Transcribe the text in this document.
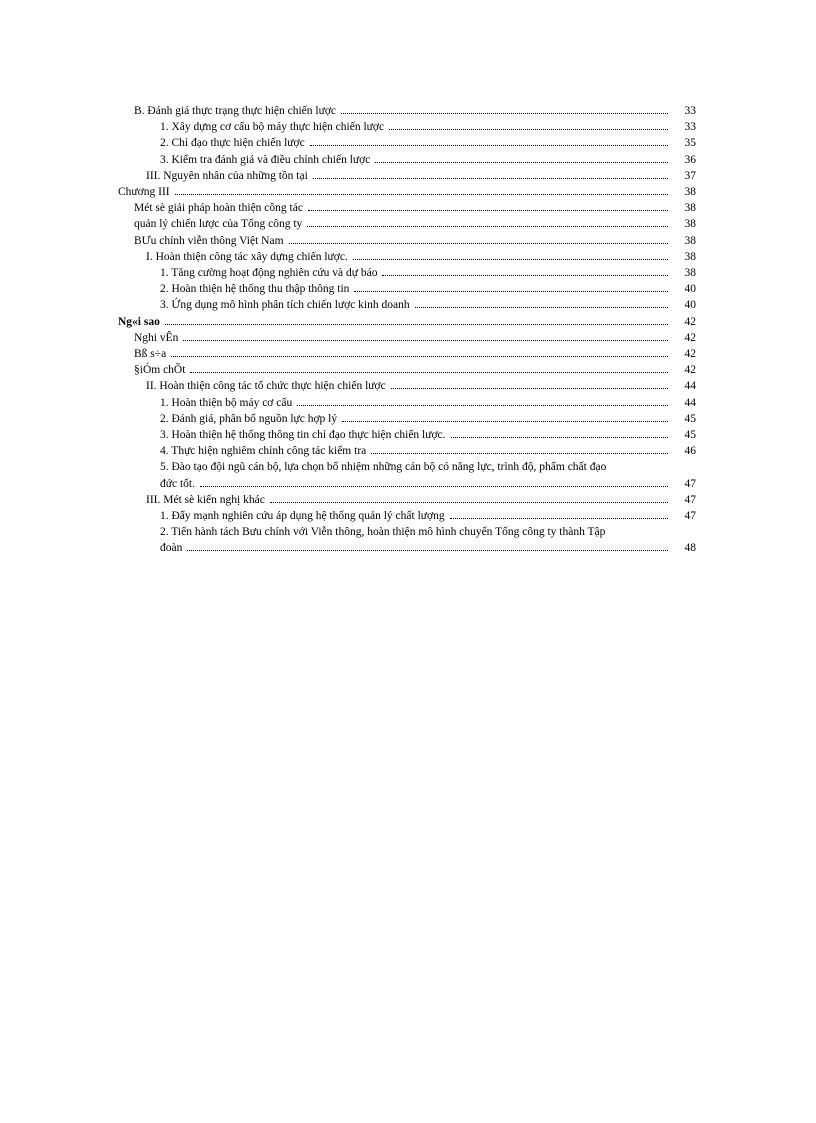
B. Đánh giá thực trạng thực hiện chiến lược	33
1. Xây dựng cơ cấu bộ máy thực hiện chiến lược	33
2. Chỉ đạo thực hiện chiến lược	35
3. Kiểm tra đánh giá và điều chỉnh chiến lược	36
III. Nguyên nhân của những tồn tại	37
Chương III	38
Mét sè giải pháp hoàn thiện công tác	38
quản lý chiến lược của Tổng công ty	38
BƯu chính viễn thông Việt Nam	38
I. Hoàn thiện công tác xây dựng chiến lược.	38
1. Tăng cường hoạt động nghiên cứu và dự báo	38
2. Hoàn thiện hệ thống thu thập thông tin	40
3. Ứng dụng mô hình phân tích chiến lược kinh doanh	40
Ng«i sao	42
Nghi vÊn	42
Bß s÷a	42
§iÓm chÕt	42
II. Hoàn thiện công tác tổ chức thực hiện chiến lược	44
1. Hoàn thiện bộ máy cơ cấu	44
2. Đánh giá, phân bổ nguồn lực hợp lý	45
3. Hoàn thiện hệ thống thông tin chỉ đạo thực hiện chiến lược.	45
4. Thực hiện nghiêm chỉnh công tác kiểm tra	46
5. Đào tạo đội ngũ cán bộ, lựa chọn bổ nhiệm những cán bộ có năng lực, trình độ, phẩm chất đạo
đức tốt.	47
III. Mét sè kiến nghị khác	47
1. Đẩy mạnh nghiên cứu áp dụng hệ thống quản lý chất lượng	47
2. Tiến hành tách Bưu chính với Viễn thông, hoàn thiện mô hình chuyển Tổng công ty thành Tập
đoàn	48
